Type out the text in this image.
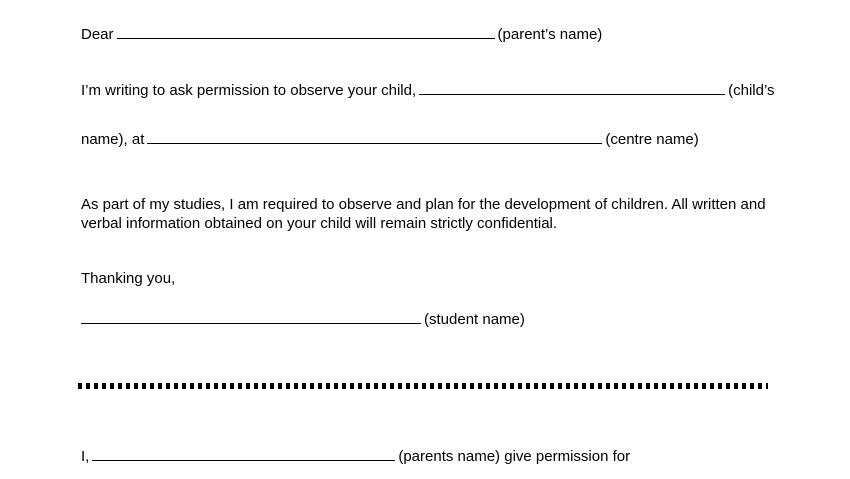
Dear	(parent’s name)
I’m writing to ask permission to observe your child,	(child’s
name), at	(centre name)
As part of my studies, I am required to observe and plan for the development of children. All written and verbal information obtained on your child will remain strictly confidential.
Thanking you,
(student name)
I,	(parents name) give permission for
